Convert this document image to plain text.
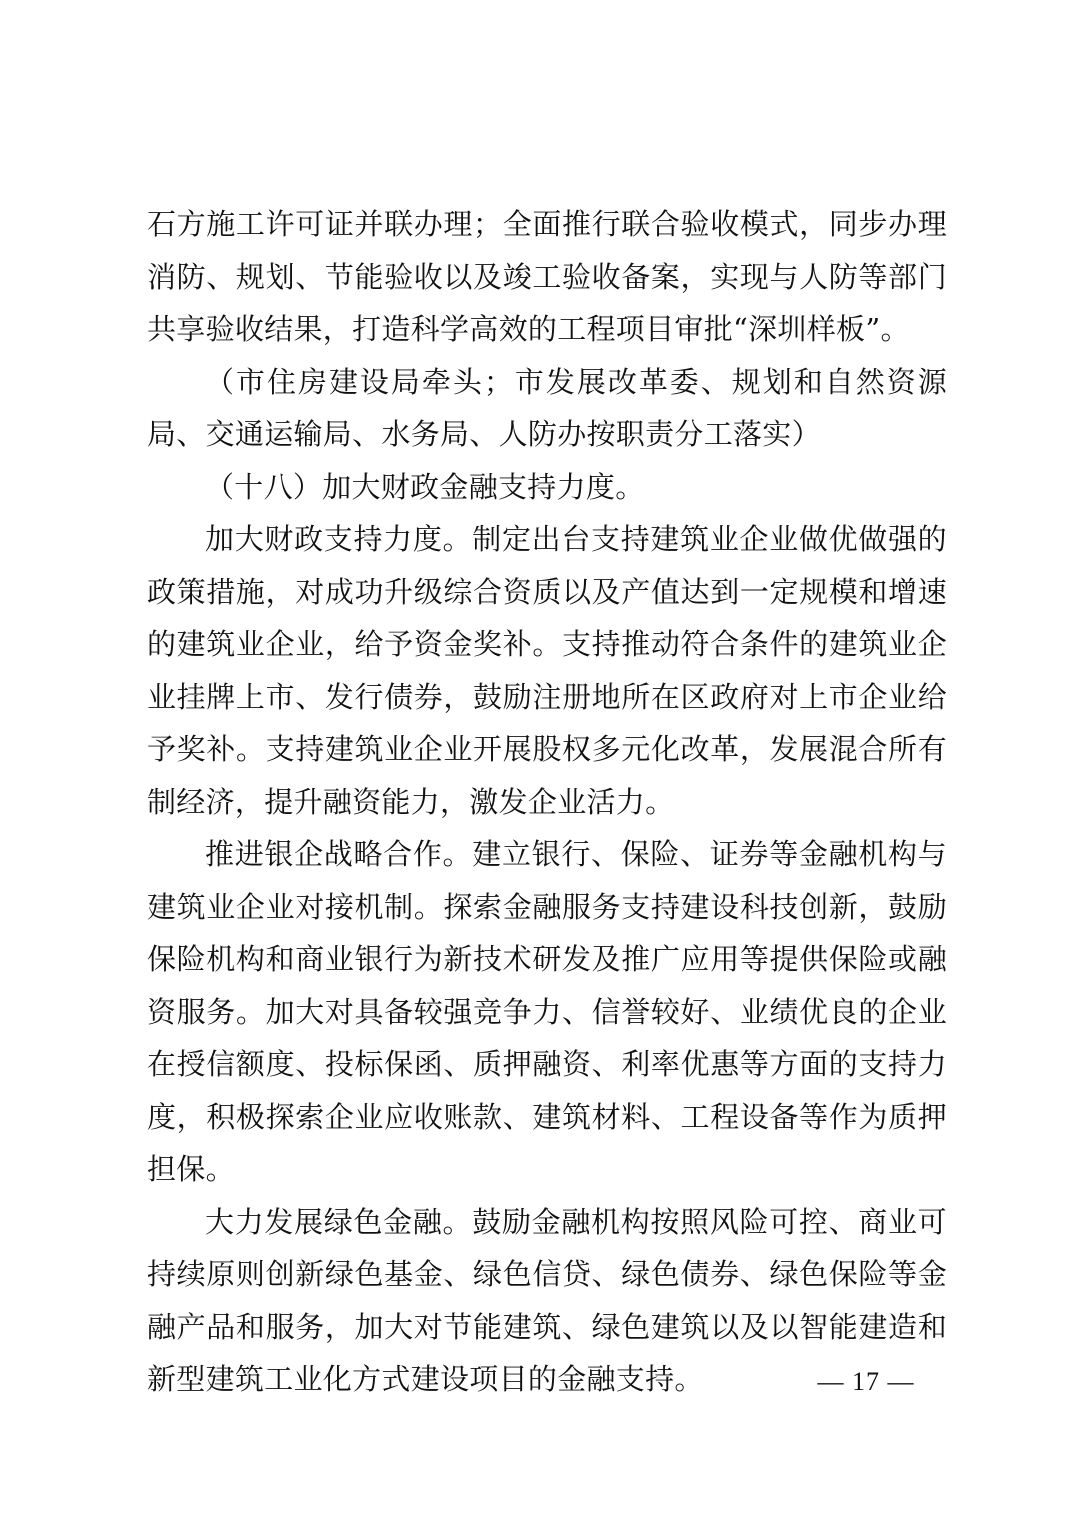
石方施工许可证并联办理；全面推行联合验收模式，同步办理消防、规划、节能验收以及竣工验收备案，实现与人防等部门共享验收结果，打造科学高效的工程项目审批“深圳样板”。

（市住房建设局牵头；市发展改革委、规划和自然资源局、交通运输局、水务局、人防办按职责分工落实）

（十八）加大财政金融支持力度。

加大财政支持力度。制定出台支持建筑业企业做优做强的政策措施，对成功升级综合资质以及产值达到一定规模和增速的建筑业企业，给予资金奖补。支持推动符合条件的建筑业企业挂牌上市、发行债券，鼓励注册地所在区政府对上市企业给予奖补。支持建筑业企业开展股权多元化改革，发展混合所有制经济，提升融资能力，激发企业活力。

推进银企战略合作。建立银行、保险、证券等金融机构与建筑业企业对接机制。探索金融服务支持建设科技创新，鼓励保险机构和商业银行为新技术研发及推广应用等提供保险或融资服务。加大对具备较强竞争力、信誉较好、业绩优良的企业在授信额度、投标保函、质押融资、利率优惠等方面的支持力度，积极探索企业应收账款、建筑材料、工程设备等作为质押担保。

大力发展绿色金融。鼓励金融机构按照风险可控、商业可持续原则创新绿色基金、绿色信贷、绿色债券、绿色保险等金融产品和服务，加大对节能建筑、绿色建筑以及以智能建造和新型建筑工业化方式建设项目的金融支持。	— 17 —
